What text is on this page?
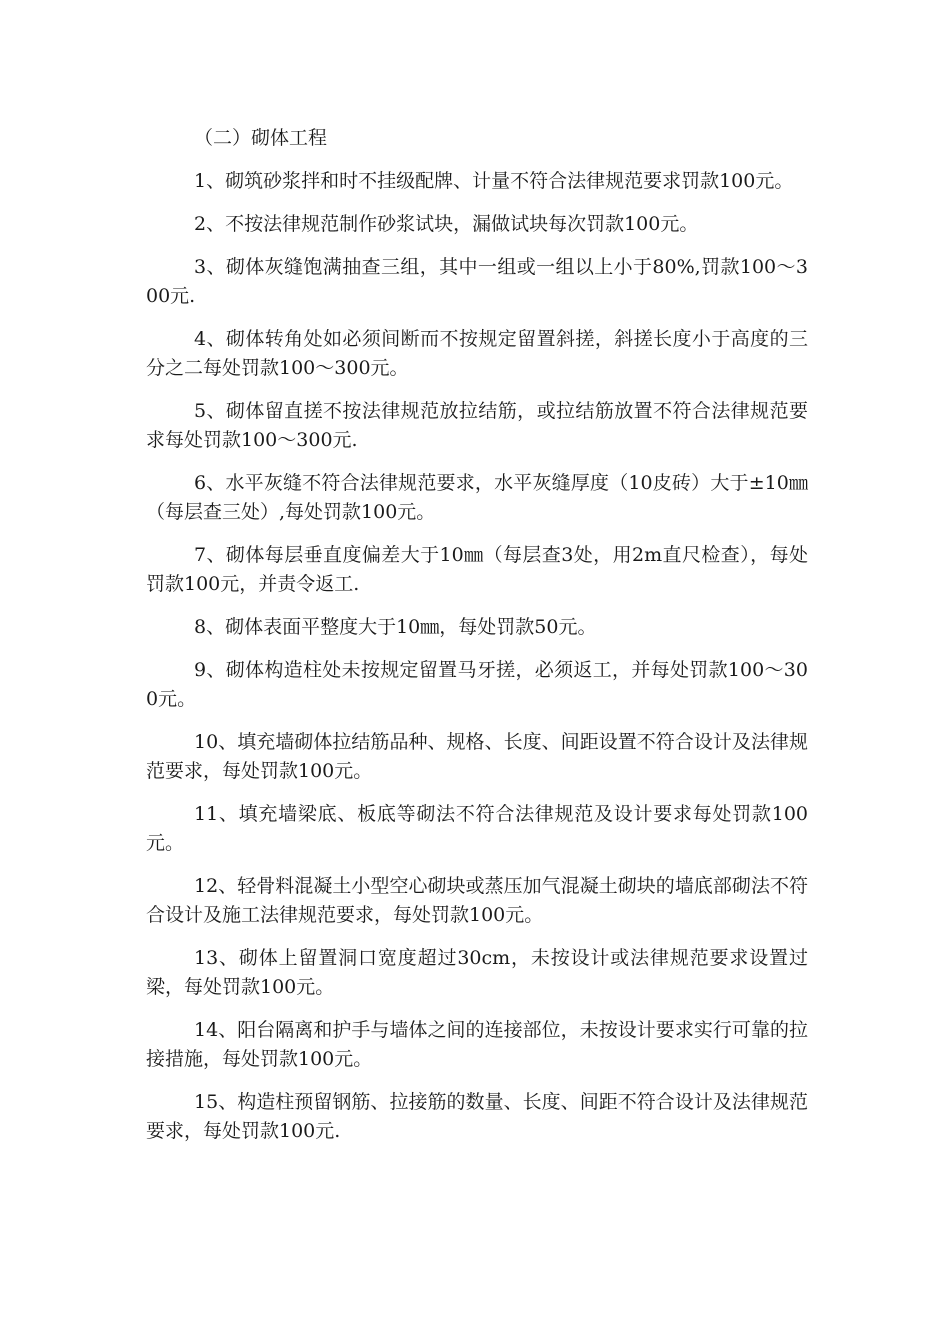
（二）砌体工程

1、砌筑砂浆拌和时不挂级配牌、计量不符合法律规范要求罚款100元。

2、不按法律规范制作砂浆试块，漏做试块每次罚款100元。

3、砌体灰缝饱满抽查三组，其中一组或一组以上小于80%,罚款100～300元.

4、砌体转角处如必须间断而不按规定留置斜搓，斜搓长度小于高度的三分之二每处罚款100～300元。

5、砌体留直搓不按法律规范放拉结筋，或拉结筋放置不符合法律规范要求每处罚款100～300元.

6、水平灰缝不符合法律规范要求，水平灰缝厚度（10皮砖）大于±10㎜（每层查三处）,每处罚款100元。

7、砌体每层垂直度偏差大于10㎜（每层查3处，用2m直尺检查），每处罚款100元，并责令返工.

8、砌体表面平整度大于10㎜，每处罚款50元。

9、砌体构造柱处未按规定留置马牙搓，必须返工，并每处罚款100～300元。

10、填充墙砌体拉结筋品种、规格、长度、间距设置不符合设计及法律规范要求，每处罚款100元。

11、填充墙梁底、板底等砌法不符合法律规范及设计要求每处罚款100元。

12、轻骨料混凝土小型空心砌块或蒸压加气混凝土砌块的墙底部砌法不符合设计及施工法律规范要求，每处罚款100元。

13、砌体上留置洞口宽度超过30cm，未按设计或法律规范要求设置过梁，每处罚款100元。

14、阳台隔离和护手与墙体之间的连接部位，未按设计要求实行可靠的拉接措施，每处罚款100元。

15、构造柱预留钢筋、拉接筋的数量、长度、间距不符合设计及法律规范要求，每处罚款100元.
